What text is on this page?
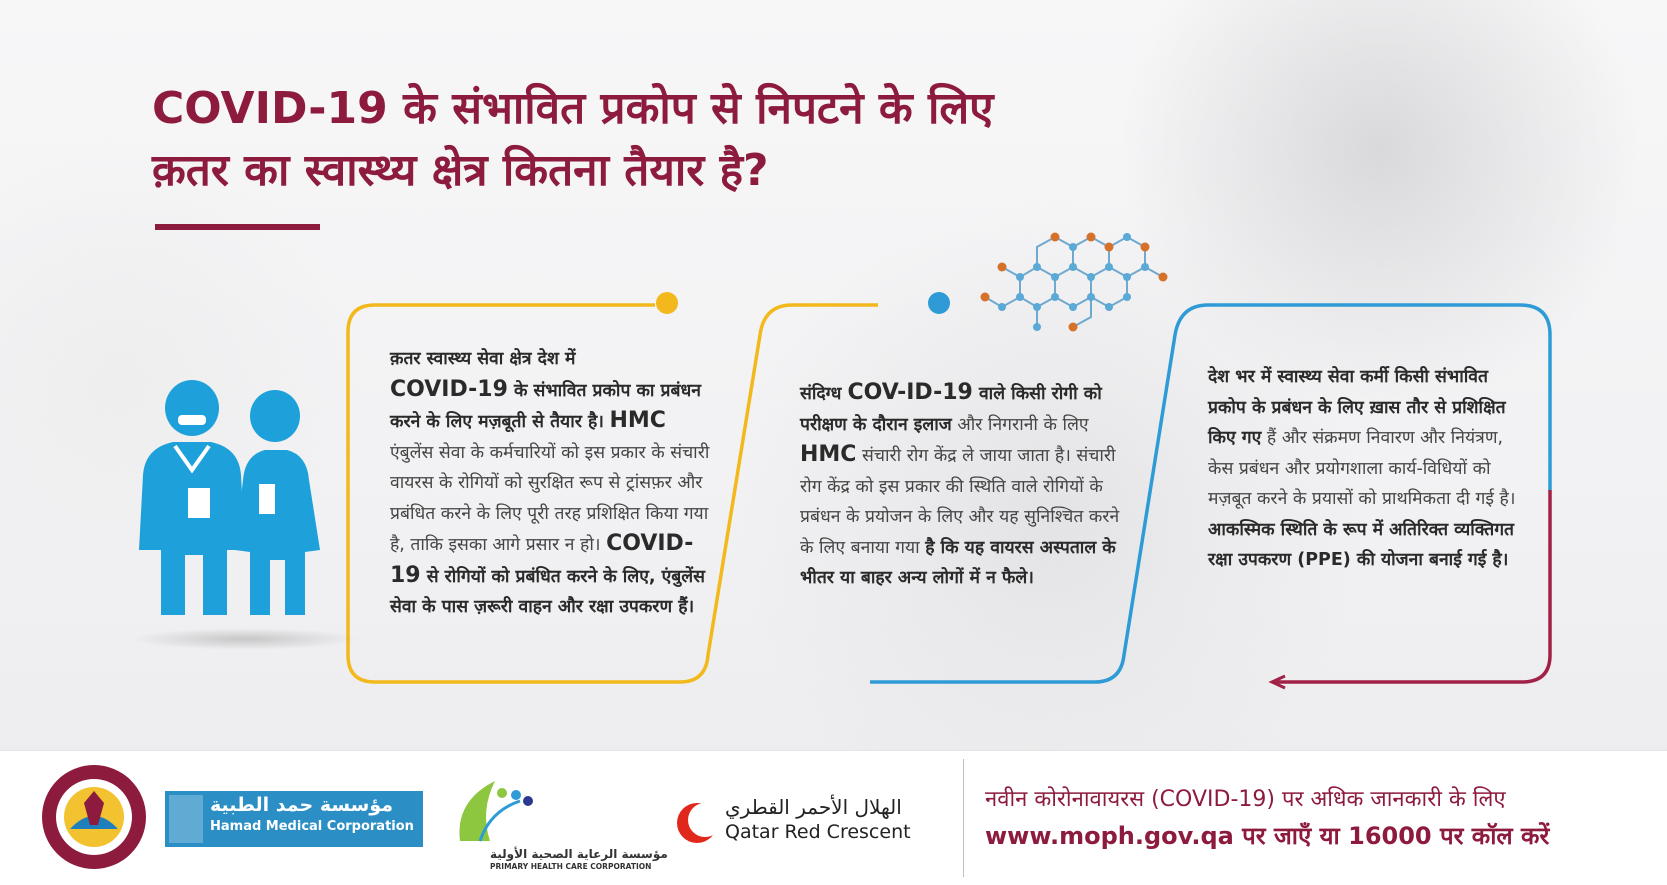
COVID-19 के संभावित प्रकोप से निपटने के लिए
क़तर का स्वास्थ्य क्षेत्र कितना तैयार है?
क़तर स्वास्थ्य सेवा क्षेत्र देश में
COVID-19 के संभावित प्रकोप का प्रबंधन करने के लिए मज़बूती से तैयार है। HMC एंबुलेंस सेवा के कर्मचारियों को इस प्रकार के संचारी वायरस के रोगियों को सुरक्षित रूप से ट्रांसफ़र और प्रबंधित करने के लिए पूरी तरह प्रशिक्षित किया गया है, ताकि इसका आगे प्रसार न हो। COVID-19 से रोगियों को प्रबंधित करने के लिए, एंबुलेंस सेवा के पास ज़रूरी वाहन और रक्षा उपकरण हैं।
संदिग्ध COV-ID-19 वाले किसी रोगी को परीक्षण के दौरान इलाज और निगरानी के लिए HMC संचारी रोग केंद्र ले जाया जाता है। संचारी रोग केंद्र को इस प्रकार की स्थिति वाले रोगियों के प्रबंधन के प्रयोजन के लिए और यह सुनिश्चित करने के लिए बनाया गया है कि यह वायरस अस्पताल के भीतर या बाहर अन्य लोगों में न फैले।
देश भर में स्वास्थ्य सेवा कर्मी किसी संभावित प्रकोप के प्रबंधन के लिए ख़ास तौर से प्रशिक्षित किए गए हैं और संक्रमण निवारण और नियंत्रण, केस प्रबंधन और प्रयोगशाला कार्य-विधियों को मज़बूत करने के प्रयासों को प्राथमिकता दी गई है। आकस्मिक स्थिति के रूप में अतिरिक्त व्यक्तिगत रक्षा उपकरण (PPE) की योजना बनाई गई है।
مؤسسة حمد الطبية
Hamad Medical Corporation
مؤسسة الرعاية الصحية الأولية
PRIMARY HEALTH CARE CORPORATION
الهلال الأحمر القطري
Qatar Red Crescent
नवीन कोरोनावायरस (COVID-19) पर अधिक जानकारी के लिए
www.moph.gov.qa पर जाएँ या 16000 पर कॉल करें
